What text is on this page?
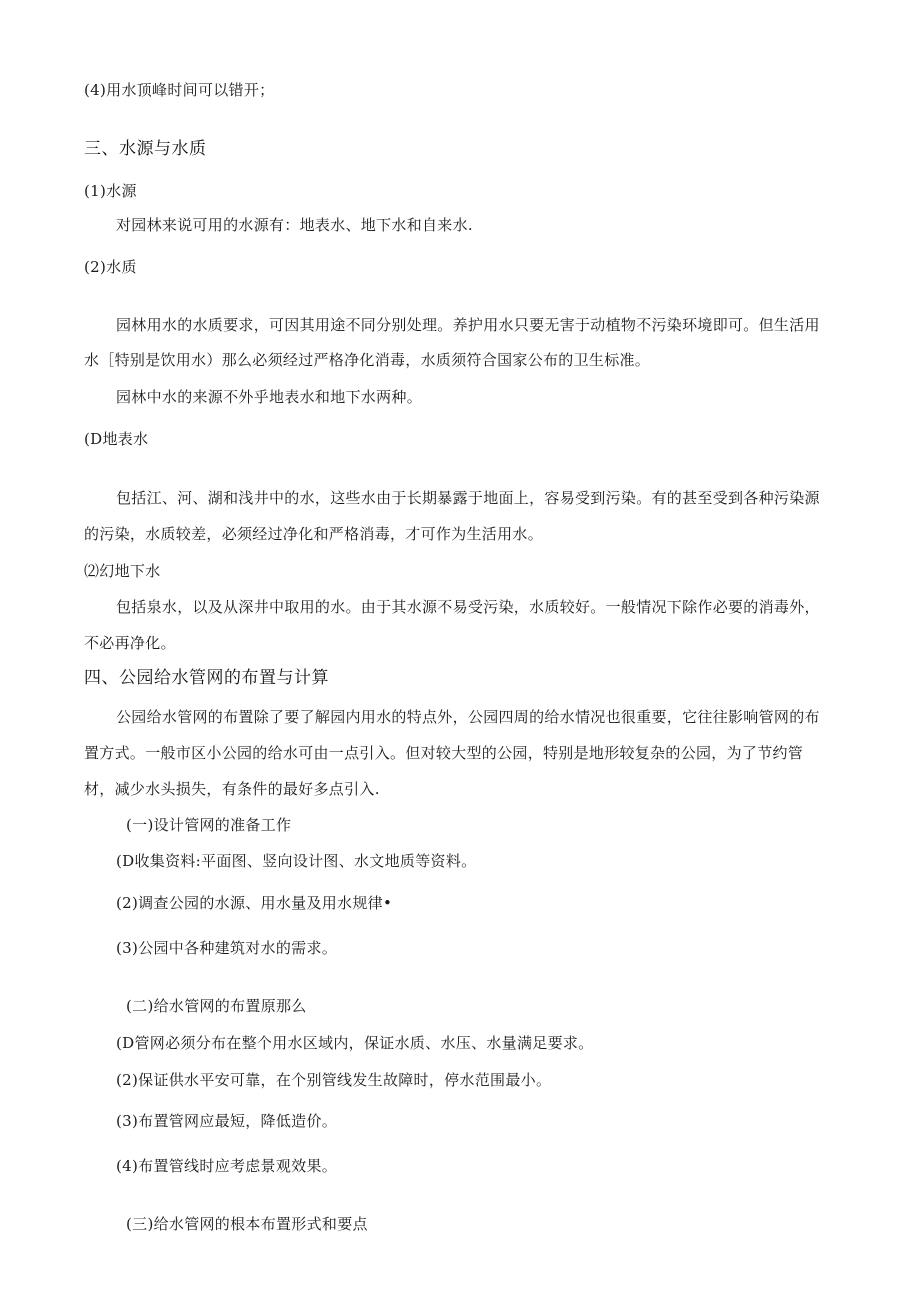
(4)用水顶峰时间可以错开；
三、水源与水质
(1)水源
对园林来说可用的水源有：地表水、地下水和自来水.
(2)水质
园林用水的水质要求，可因其用途不同分别处理。养护用水只要无害于动植物不污染环境即可。但生活用
水［特别是饮用水）那么必须经过严格净化消毒，水质须符合国家公布的卫生标准。
园林中水的来源不外乎地表水和地下水两种。
(D地表水
包括江、河、湖和浅井中的水，这些水由于长期暴露于地面上，容易受到污染。有的甚至受到各种污染源
的污染，水质较差，必须经过净化和严格消毒，才可作为生活用水。
⑵幻地下水
包括泉水，以及从深井中取用的水。由于其水源不易受污染，水质较好。一般情况下除作必要的消毒外，
不必再净化。
四、公园给水管网的布置与计算
公园给水管网的布置除了要了解园内用水的特点外，公园四周的给水情况也很重要，它往往影响管网的布
置方式。一般市区小公园的给水可由一点引入。但对较大型的公园，特别是地形较复杂的公园，为了节约管
材，减少水头损失，有条件的最好多点引入.
(一)设计管网的准备工作
(D收集资料:平面图、竖向设计图、水文地质等资料。
(2)调查公园的水源、用水量及用水规律•
(3)公园中各种建筑对水的需求。
(二)给水管网的布置原那么
(D管网必须分布在整个用水区域内，保证水质、水压、水量满足要求。
(2)保证供水平安可靠，在个别管线发生故障时，停水范围最小。
(3)布置管网应最短，降低造价。
(4)布置管线时应考虑景观效果。
(三)给水管网的根本布置形式和要点
